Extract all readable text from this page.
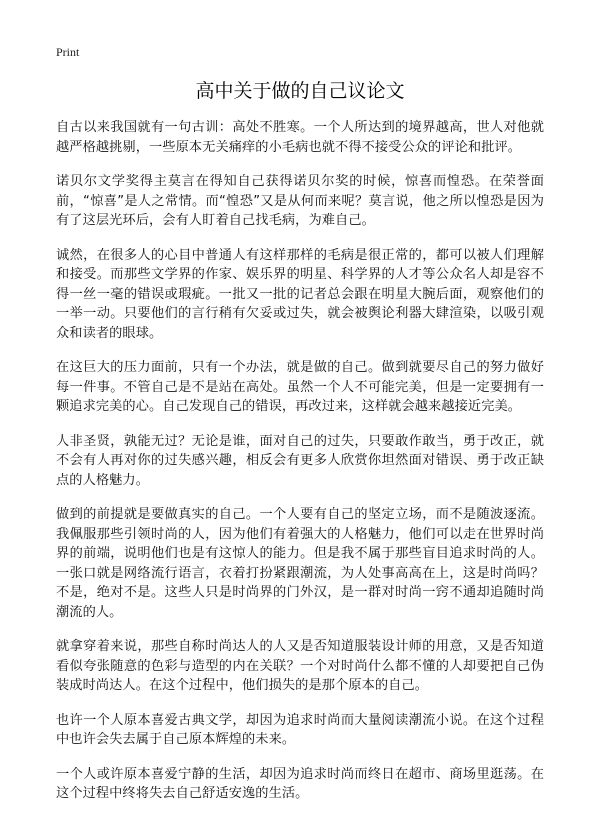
Print
高中关于做的自己议论文

自古以来我国就有一句古训：高处不胜寒。一个人所达到的境界越高，世人对他就越严格越挑剔，一些原本无关痛痒的小毛病也就不得不接受公众的评论和批评。

诺贝尔文学奖得主莫言在得知自己获得诺贝尔奖的时候，惊喜而惶恐。在荣誉面前，“惊喜”是人之常情。而“惶恐”又是从何而来呢？莫言说，他之所以惶恐是因为有了这层光环后，会有人盯着自己找毛病，为难自己。

诚然，在很多人的心目中普通人有这样那样的毛病是很正常的，都可以被人们理解和接受。而那些文学界的作家、娱乐界的明星、科学界的人才等公众名人却是容不得一丝一毫的错误或瑕疵。一批又一批的记者总会跟在明星大腕后面，观察他们的一举一动。只要他们的言行稍有欠妥或过失，就会被舆论利器大肆渲染，以吸引观众和读者的眼球。

在这巨大的压力面前，只有一个办法，就是做的自己。做到就要尽自己的努力做好每一件事。不管自己是不是站在高处。虽然一个人不可能完美，但是一定要拥有一颗追求完美的心。自己发现自己的错误，再改过来，这样就会越来越接近完美。

人非圣贤，孰能无过？无论是谁，面对自己的过失，只要敢作敢当，勇于改正，就不会有人再对你的过失感兴趣，相反会有更多人欣赏你坦然面对错误、勇于改正缺点的人格魅力。

做到的前提就是要做真实的自己。一个人要有自己的坚定立场，而不是随波逐流。我佩服那些引领时尚的人，因为他们有着强大的人格魅力，他们可以走在世界时尚界的前端，说明他们也是有这惊人的能力。但是我不属于那些盲目追求时尚的人。一张口就是网络流行语言，衣着打扮紧跟潮流，为人处事高高在上，这是时尚吗？不是，绝对不是。这些人只是时尚界的门外汉，是一群对时尚一窍不通却追随时尚潮流的人。

就拿穿着来说，那些自称时尚达人的人又是否知道服装设计师的用意，又是否知道看似夸张随意的色彩与造型的内在关联？一个对时尚什么都不懂的人却要把自己伪装成时尚达人。在这个过程中，他们损失的是那个原本的自己。

也许一个人原本喜爱古典文学，却因为追求时尚而大量阅读潮流小说。在这个过程中也许会失去属于自己原本辉煌的未来。

一个人或许原本喜爱宁静的生活，却因为追求时尚而终日在超市、商场里逛荡。在这个过程中终将失去自己舒适安逸的生活。
